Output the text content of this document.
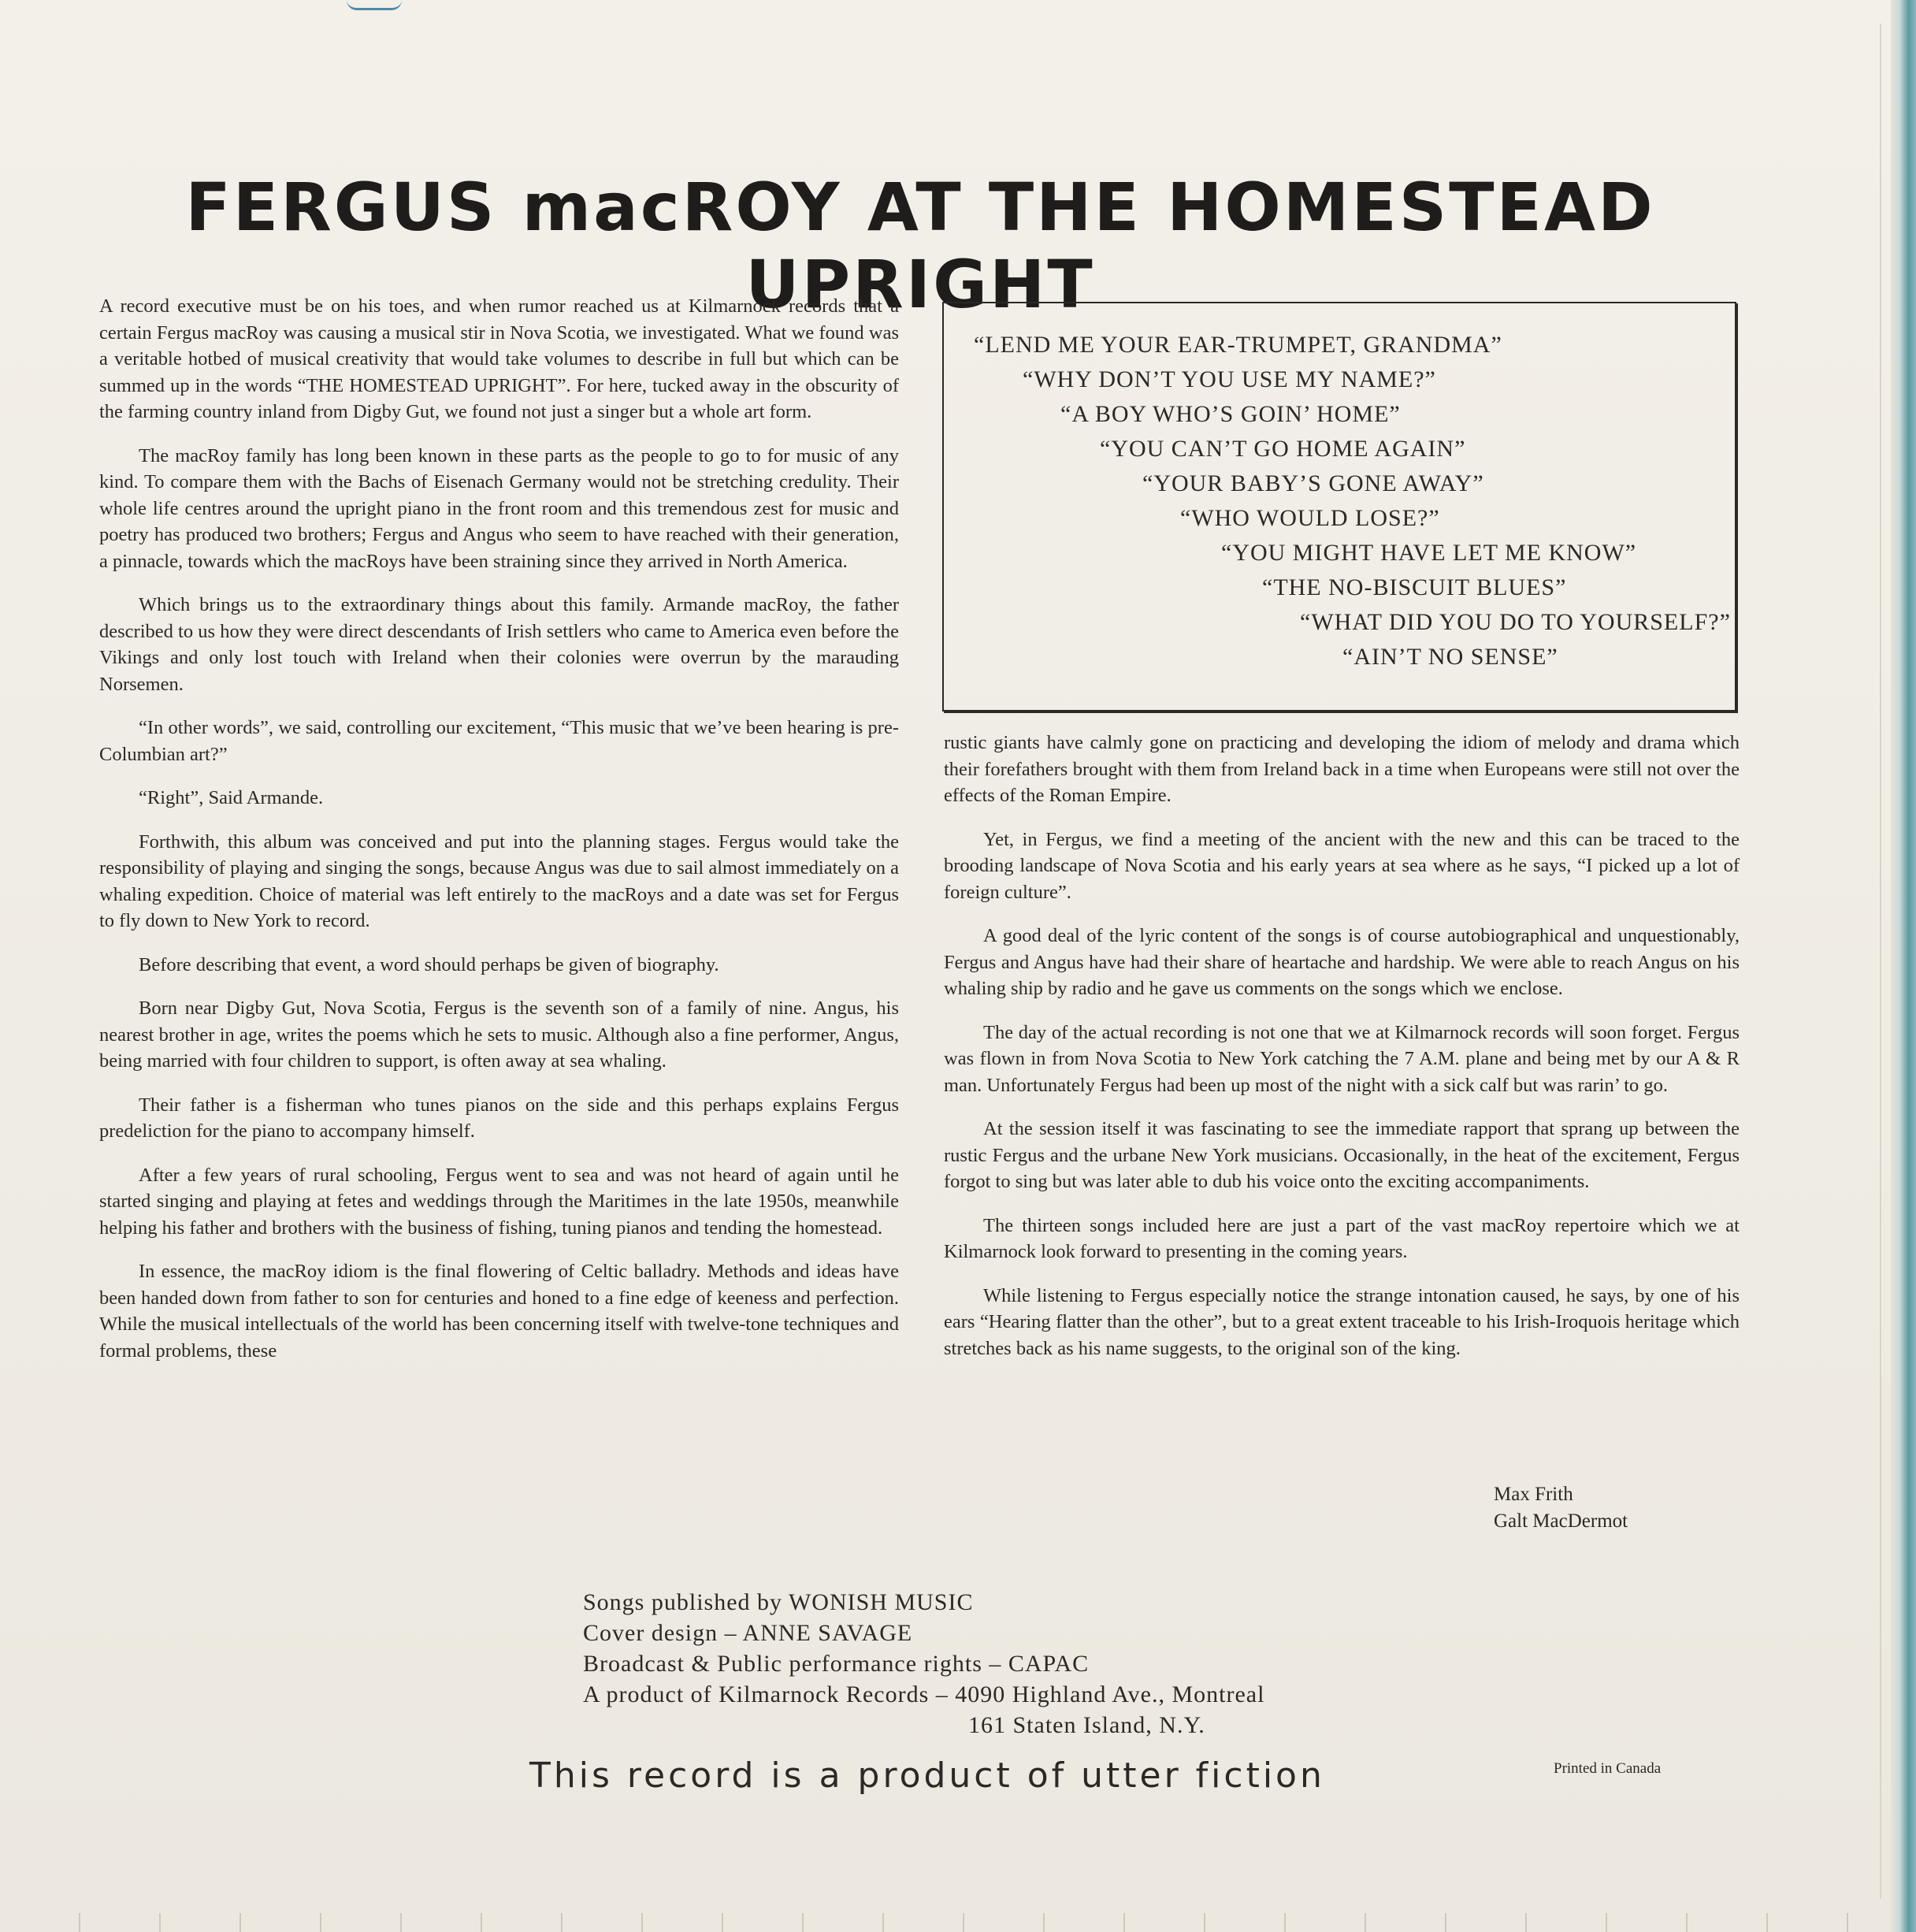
FERGUS macROY AT THE HOMESTEAD UPRIGHT

A record executive must be on his toes, and when rumor reached us at Kilmarnock records that a certain Fergus macRoy was causing a musical stir in Nova Scotia, we investigated. What we found was a veritable hotbed of musical creativity that would take volumes to describe in full but which can be summed up in the words “THE HOMESTEAD UPRIGHT”. For here, tucked away in the obscurity of the farming country inland from Digby Gut, we found not just a singer but a whole art form.

The macRoy family has long been known in these parts as the people to go to for music of any kind. To compare them with the Bachs of Eisenach Germany would not be stretching credulity. Their whole life centres around the upright piano in the front room and this tremendous zest for music and poetry has produced two brothers; Fergus and Angus who seem to have reached with their generation, a pinnacle, towards which the macRoys have been straining since they arrived in North America.

Which brings us to the extraordinary things about this family. Armande macRoy, the father described to us how they were direct descendants of Irish settlers who came to America even before the Vikings and only lost touch with Ireland when their colonies were overrun by the marauding Norsemen.

“In other words”, we said, controlling our excitement, “This music that we’ve been hearing is pre-Columbian art?”

“Right”, Said Armande.

Forthwith, this album was conceived and put into the planning stages. Fergus would take the responsibility of playing and singing the songs, because Angus was due to sail almost immediately on a whaling expedition. Choice of material was left entirely to the macRoys and a date was set for Fergus to fly down to New York to record.

Before describing that event, a word should perhaps be given of biography.

Born near Digby Gut, Nova Scotia, Fergus is the seventh son of a family of nine. Angus, his nearest brother in age, writes the poems which he sets to music. Although also a fine performer, Angus, being married with four children to support, is often away at sea whaling.

Their father is a fisherman who tunes pianos on the side and this perhaps explains Fergus predeliction for the piano to accompany himself.

After a few years of rural schooling, Fergus went to sea and was not heard of again until he started singing and playing at fetes and weddings through the Maritimes in the late 1950s, meanwhile helping his father and brothers with the business of fishing, tuning pianos and tending the homestead.

In essence, the macRoy idiom is the final flowering of Celtic balladry. Methods and ideas have been handed down from father to son for centuries and honed to a fine edge of keeness and perfection. While the musical intellectuals of the world has been concerning itself with twelve-tone techniques and formal problems, these

“LEND ME YOUR EAR-TRUMPET, GRANDMA”
“WHY DON’T YOU USE MY NAME?”
“A BOY WHO’S GOIN’ HOME”
“YOU CAN’T GO HOME AGAIN”
“YOUR BABY’S GONE AWAY”
“WHO WOULD LOSE?”
“YOU MIGHT HAVE LET ME KNOW”
“THE NO-BISCUIT BLUES”
“WHAT DID YOU DO TO YOURSELF?”
“AIN’T NO SENSE”

rustic giants have calmly gone on practicing and developing the idiom of melody and drama which their forefathers brought with them from Ireland back in a time when Europeans were still not over the effects of the Roman Empire.

Yet, in Fergus, we find a meeting of the ancient with the new and this can be traced to the brooding landscape of Nova Scotia and his early years at sea where as he says, “I picked up a lot of foreign culture”.

A good deal of the lyric content of the songs is of course autobiographical and unquestionably, Fergus and Angus have had their share of heartache and hardship. We were able to reach Angus on his whaling ship by radio and he gave us comments on the songs which we enclose.

The day of the actual recording is not one that we at Kilmarnock records will soon forget. Fergus was flown in from Nova Scotia to New York catching the 7 A.M. plane and being met by our A & R man. Unfortunately Fergus had been up most of the night with a sick calf but was rarin’ to go.

At the session itself it was fascinating to see the immediate rapport that sprang up between the rustic Fergus and the urbane New York musicians. Occasionally, in the heat of the excitement, Fergus forgot to sing but was later able to dub his voice onto the exciting accompaniments.

The thirteen songs included here are just a part of the vast macRoy repertoire which we at Kilmarnock look forward to presenting in the coming years.

While listening to Fergus especially notice the strange intonation caused, he says, by one of his ears “Hearing flatter than the other”, but to a great extent traceable to his Irish-Iroquois heritage which stretches back as his name suggests, to the original son of the king.

Max Frith
Galt MacDermot
Songs published by WONISH MUSIC
Cover design – ANNE SAVAGE
Broadcast & Public performance rights – CAPAC
A product of Kilmarnock Records – 4090 Highland Ave., Montreal
161 Staten Island, N.Y.
This record is a product of utter fiction	Printed in Canada
